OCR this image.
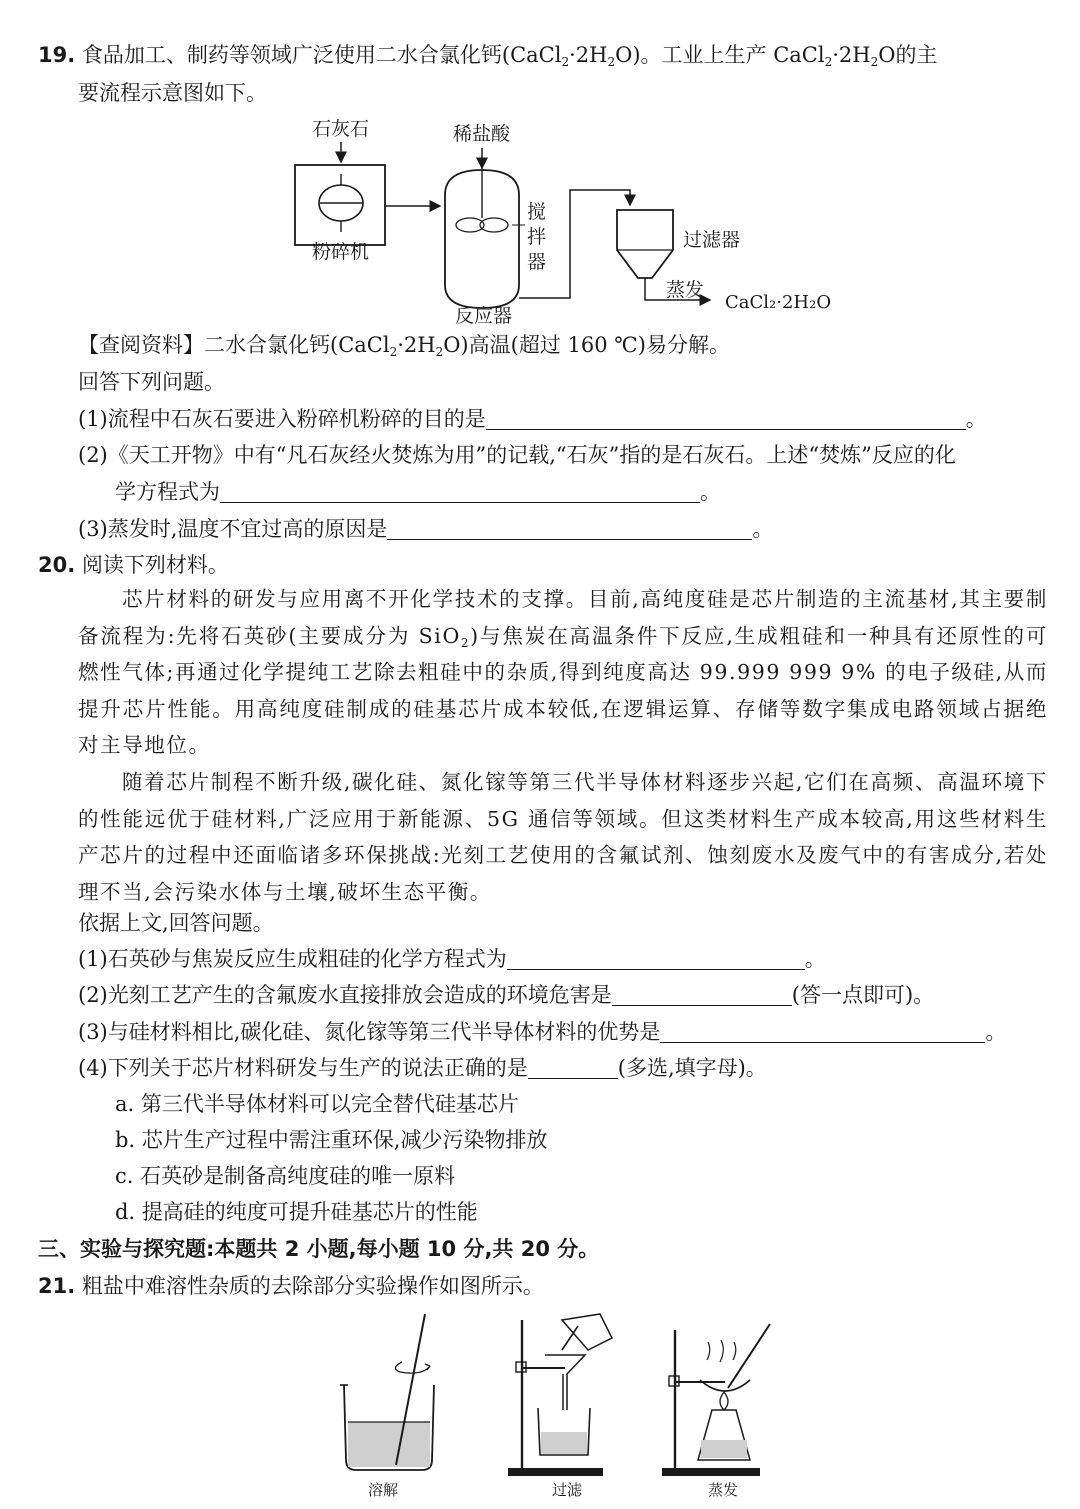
19. 食品加工、制药等领域广泛使用二水合氯化钙$(CaCl_2\cdot 2H_2O)$。工业上生产 $CaCl_2\cdot 2H_2O$的主
要流程示意图如下。
石灰石
粉碎机
稀盐酸
搅
拌
器
反应器
过滤器
蒸发
CaCl₂·2H₂O
【查阅资料】二水合氯化钙$(CaCl_2\cdot 2H_2O)$高温(超过 160 ℃)易分解。
回答下列问题。
(1)流程中石灰石要进入粉碎机粉碎的目的是	。
(2)《天工开物》中有“凡石灰经火焚炼为用”的记载,“石灰”指的是石灰石。上述“焚炼”反应的化
学方程式为	。
(3)蒸发时,温度不宜过高的原因是	。
20. 阅读下列材料。
芯片材料的研发与应用离不开化学技术的支撑。目前,高纯度硅是芯片制造的主流基材,其主要制备流程为:先将石英砂(主要成分为 SiO$_2$)与焦炭在高温条件下反应,生成粗硅和一种具有还原性的可燃性气体;再通过化学提纯工艺除去粗硅中的杂质,得到纯度高达 99.999 999 9% 的电子级硅,从而提升芯片性能。用高纯度硅制成的硅基芯片成本较低,在逻辑运算、存储等数字集成电路领域占据绝对主导地位。
随着芯片制程不断升级,碳化硅、氮化镓等第三代半导体材料逐步兴起,它们在高频、高温环境下的性能远优于硅材料,广泛应用于新能源、5G 通信等领域。但这类材料生产成本较高,用这些材料生产芯片的过程中还面临诸多环保挑战:光刻工艺使用的含氟试剂、蚀刻废水及废气中的有害成分,若处理不当,会污染水体与土壤,破坏生态平衡。
依据上文,回答问题。
(1)石英砂与焦炭反应生成粗硅的化学方程式为	。
(2)光刻工艺产生的含氟废水直接排放会造成的环境危害是	(答一点即可)。
(3)与硅材料相比,碳化硅、氮化镓等第三代半导体材料的优势是	。
(4)下列关于芯片材料研发与生产的说法正确的是	(多选,填字母)。
a. 第三代半导体材料可以完全替代硅基芯片
b. 芯片生产过程中需注重环保,减少污染物排放
c. 石英砂是制备高纯度硅的唯一原料
d. 提高硅的纯度可提升硅基芯片的性能
三、实验与探究题:本题共 2 小题,每小题 10 分,共 20 分。
21. 粗盐中难溶性杂质的去除部分实验操作如图所示。
溶解	过滤	蒸发
